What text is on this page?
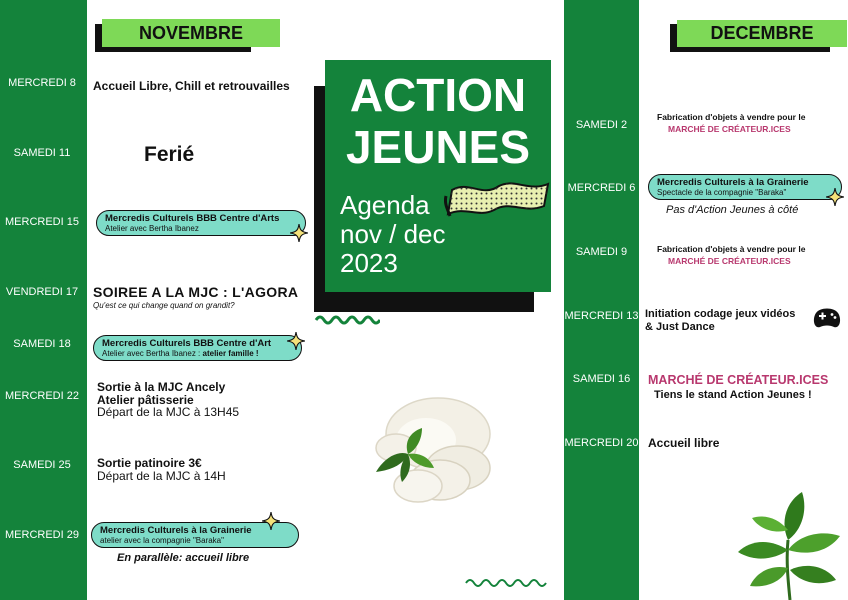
MERCREDI 8
SAMEDI 11
MERCREDI 15
VENDREDI 17
SAMEDI 18
MERCREDI 22
SAMEDI 25
MERCREDI 29
SAMEDI 2
MERCREDI 6
SAMEDI 9
MERCREDI 13
SAMEDI 16
MERCREDI 20
NOVEMBRE	DECEMBRE
Accueil Libre, Chill et retrouvailles
Ferié
Mercredis Culturels BBB Centre d'Arts
Atelier avec Bertha Ibanez
SOIREE A LA MJC : L'AGORA
Qu'est ce qui change quand on grandit?
Mercredis Culturels BBB Centre d'Art
Atelier avec Bertha Ibanez : atelier famille !
Sortie à la MJC Ancely
Atelier pâtisserie
Départ de la MJC à 13H45
Sortie patinoire 3€
Départ de la MJC à 14H
Mercredis Culturels à la Grainerie
atelier avec la compagnie "Baraka"
En parallèle: accueil libre
ACTION
JEUNES
Agenda
nov / dec
2023
Fabrication d'objets à vendre pour le
MARCHÉ DE CRÉATEUR.ICES
Mercredis Culturels à la Grainerie
Spectacle de la compagnie "Baraka"
Pas d'Action Jeunes à côté
Fabrication d'objets à vendre pour le
MARCHÉ DE CRÉATEUR.ICES
Initiation codage jeux vidéos
& Just Dance
MARCHÉ DE CRÉATEUR.ICES
Tiens le stand Action Jeunes !
Accueil libre
